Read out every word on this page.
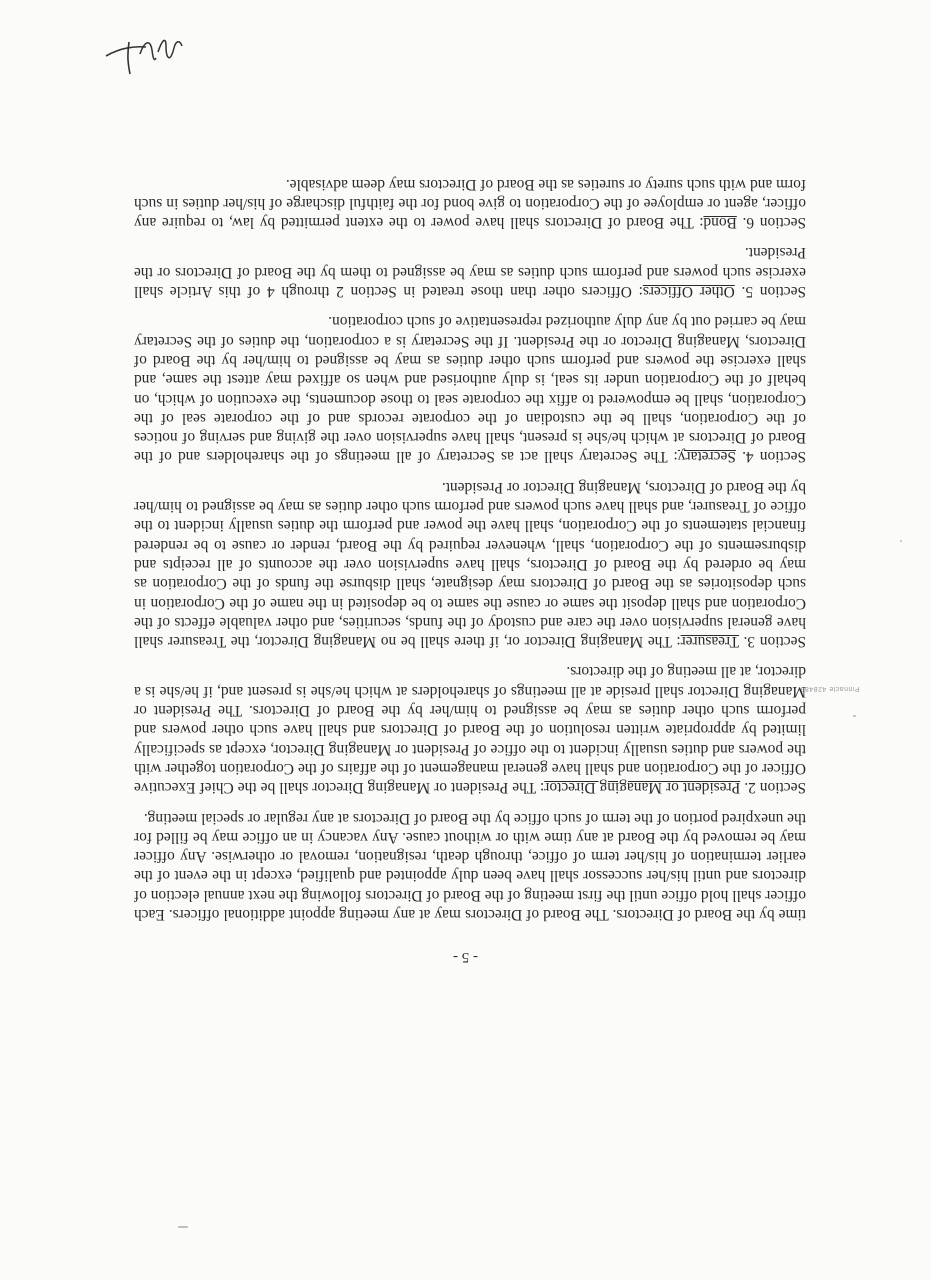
Pinnacle 428489
- 5 -

time by the Board of Directors. The Board of Directors may at any meeting appoint additional officers. Each officer shall hold office until the first meeting of the Board of Directors following the next annual election of directors and until his/her successor shall have been duly appointed and qualified, except in the event of the earlier termination of his/her term of office, through death, resignation, removal or otherwise. Any officer may be removed by the Board at any time with or without cause. Any vacancy in an office may be filled for the unexpired portion of the term of such office by the Board of Directors at any regular or special meeting.

Section 2. President or Managing Director: The President or Managing Director shall be the Chief Executive Officer of the Corporation and shall have general management of the affairs of the Corporation together with the powers and duties usually incident to the office of President or Managing Director, except as specifically limited by appropriate written resolution of the Board of Directors and shall have such other powers and perform such other duties as may be assigned to him/her by the Board of Directors. The President or Managing Director shall preside at all meetings of shareholders at which he/she is present and, if he/she is a director, at all meeting of the directors.

Section 3. Treasurer: The Managing Director or, if there shall be no Managing Director, the Treasurer shall have general supervision over the care and custody of the funds, securities, and other valuable effects of the Corporation and shall deposit the same or cause the same to be deposited in the name of the Corporation in such depositories as the Board of Directors may designate, shall disburse the funds of the Corporation as may be ordered by the Board of Directors, shall have supervision over the accounts of all receipts and disbursements of the Corporation, shall, whenever required by the Board, render or cause to be rendered financial statements of the Corporation, shall have the power and perform the duties usually incident to the office of Treasurer, and shall have such powers and perform such other duties as may be assigned to him/her by the Board of Directors, Managing Director or President.

Section 4. Secretary: The Secretary shall act as Secretary of all meetings of the shareholders and of the Board of Directors at which he/she is present, shall have supervision over the giving and serving of notices of the Corporation, shall be the custodian of the corporate records and of the corporate seal of the Corporation, shall be empowered to affix the corporate seal to those documents, the execution of which, on behalf of the Corporation under its seal, is duly authorised and when so affixed may attest the same, and shall exercise the powers and perform such other duties as may be assigned to him/her by the Board of Directors, Managing Director or the President. If the Secretary is a corporation, the duties of the Secretary may be carried out by any duly authorized representative of such corporation.

Section 5. Other Officers: Officers other than those treated in Section 2 through 4 of this Article shall exercise such powers and perform such duties as may be assigned to them by the Board of Directors or the President.

Section 6. Bond: The Board of Directors shall have power to the extent permitted by law, to require any officer, agent or employee of the Corporation to give bond for the faithful discharge of his/her duties in such form and with such surety or sureties as the Board of Directors may deem advisable.
